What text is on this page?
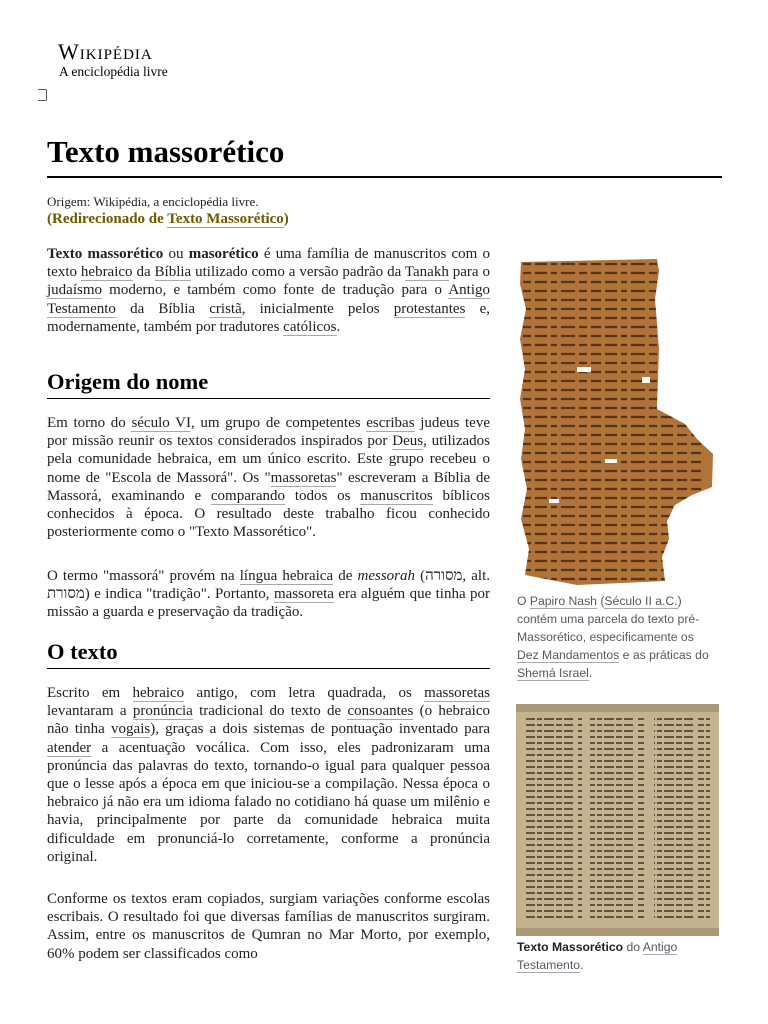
Wikipédia
A enciclopédia livre
Texto massorético
Origem: Wikipédia, a enciclopédia livre.
(Redirecionado de Texto Massorético)

Texto massorético ou masorético é uma família de manuscritos com o texto hebraico da Bíblia utilizado como a versão padrão da Tanakh para o judaísmo moderno, e também como fonte de tradução para o Antigo Testamento da Bíblia cristã, inicialmente pelos protestantes e, modernamente, também por tradutores católicos.

Origem do nome

Em torno do século VI, um grupo de competentes escribas judeus teve por missão reunir os textos considerados inspirados por Deus, utilizados pela comunidade hebraica, em um único escrito. Este grupo recebeu o nome de "Escola de Massorá". Os "massoretas" escreveram a Bíblia de Massorá, examinando e comparando todos os manuscritos bíblicos conhecidos à época. O resultado deste trabalho ficou conhecido posteriormente como o "Texto Massorético".

O termo "massorá" provém na língua hebraica de messorah (מסורה, alt. מסורת) e indica "tradição". Portanto, massoreta era alguém que tinha por missão a guarda e preservação da tradição.

O texto

Escrito em hebraico antigo, com letra quadrada, os massoretas levantaram a pronúncia tradicional do texto de consoantes (o hebraico não tinha vogais), graças a dois sistemas de pontuação inventado para atender a acentuação vocálica. Com isso, eles padronizaram uma pronúncia das palavras do texto, tornando-o igual para qualquer pessoa que o lesse após a época em que iniciou-se a compilação. Nessa época o hebraico já não era um idioma falado no cotidiano há quase um milênio e havia, principalmente por parte da comunidade hebraica muita dificuldade em pronunciá-lo corretamente, conforme a pronúncia original.

Conforme os textos eram copiados, surgiam variações conforme escolas escribais. O resultado foi que diversas famílias de manuscritos surgiram. Assim, entre os manuscritos de Qumran no Mar Morto, por exemplo, 60% podem ser classificados como

O Papiro Nash (Século II a.C.) contém uma parcela do texto pré-Massorético, especificamente os Dez Mandamentos e as práticas do Shemá Israel.
Texto Massorético do Antigo Testamento.
